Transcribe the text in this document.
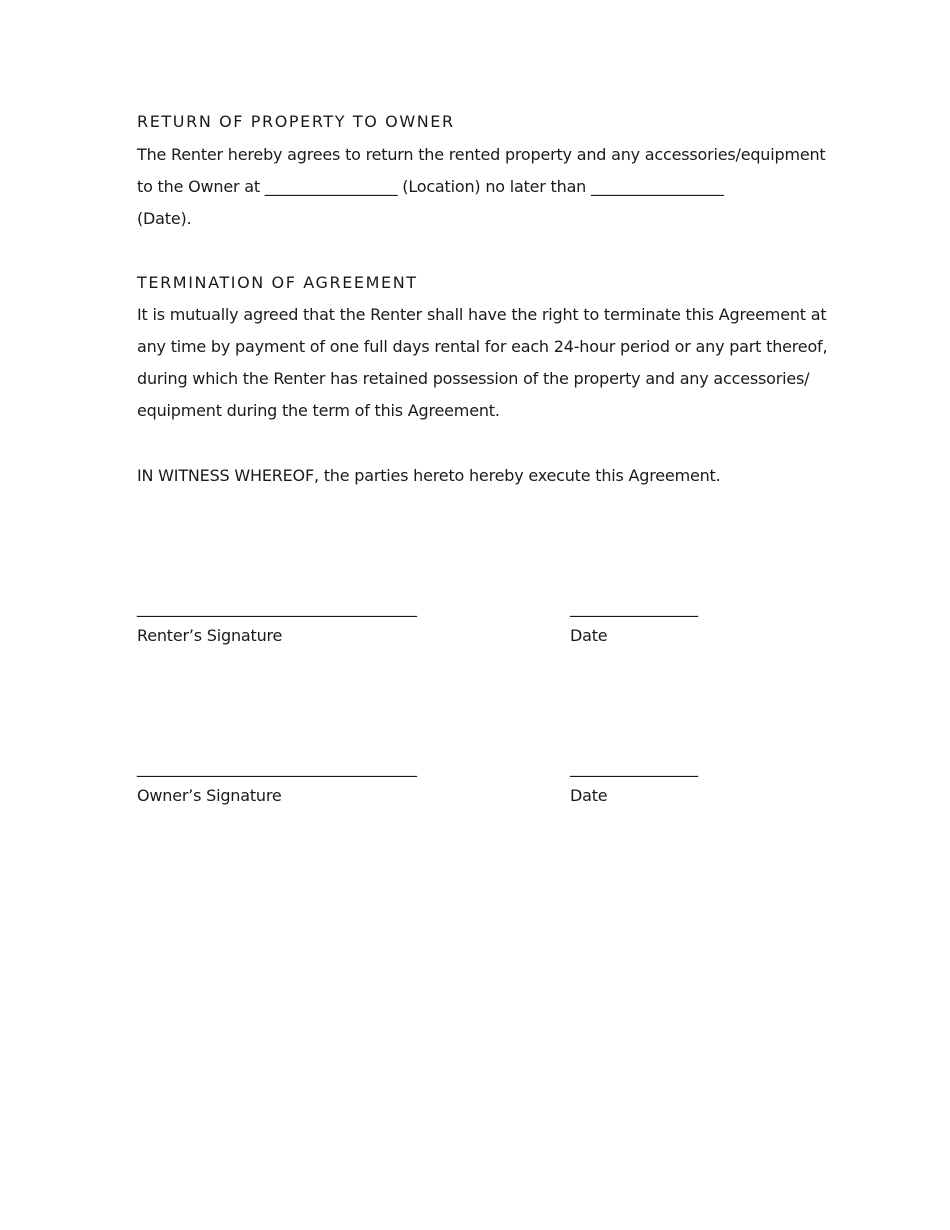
RETURN OF PROPERTY TO OWNER
The Renter hereby agrees to return the rented property and any accessories/equipment
to the Owner at _________________ (Location) no later than _________________
(Date).
TERMINATION OF AGREEMENT
It is mutually agreed that the Renter shall have the right to terminate this Agreement at
any time by payment of one full days rental for each 24-hour period or any part thereof,
during which the Renter has retained possession of the property and any accessories/
equipment during the term of this Agreement.
IN WITNESS WHEREOF, the parties hereto hereby execute this Agreement.
___________________________________
Renter’s Signature
________________
Date
___________________________________
Owner’s Signature
________________
Date
